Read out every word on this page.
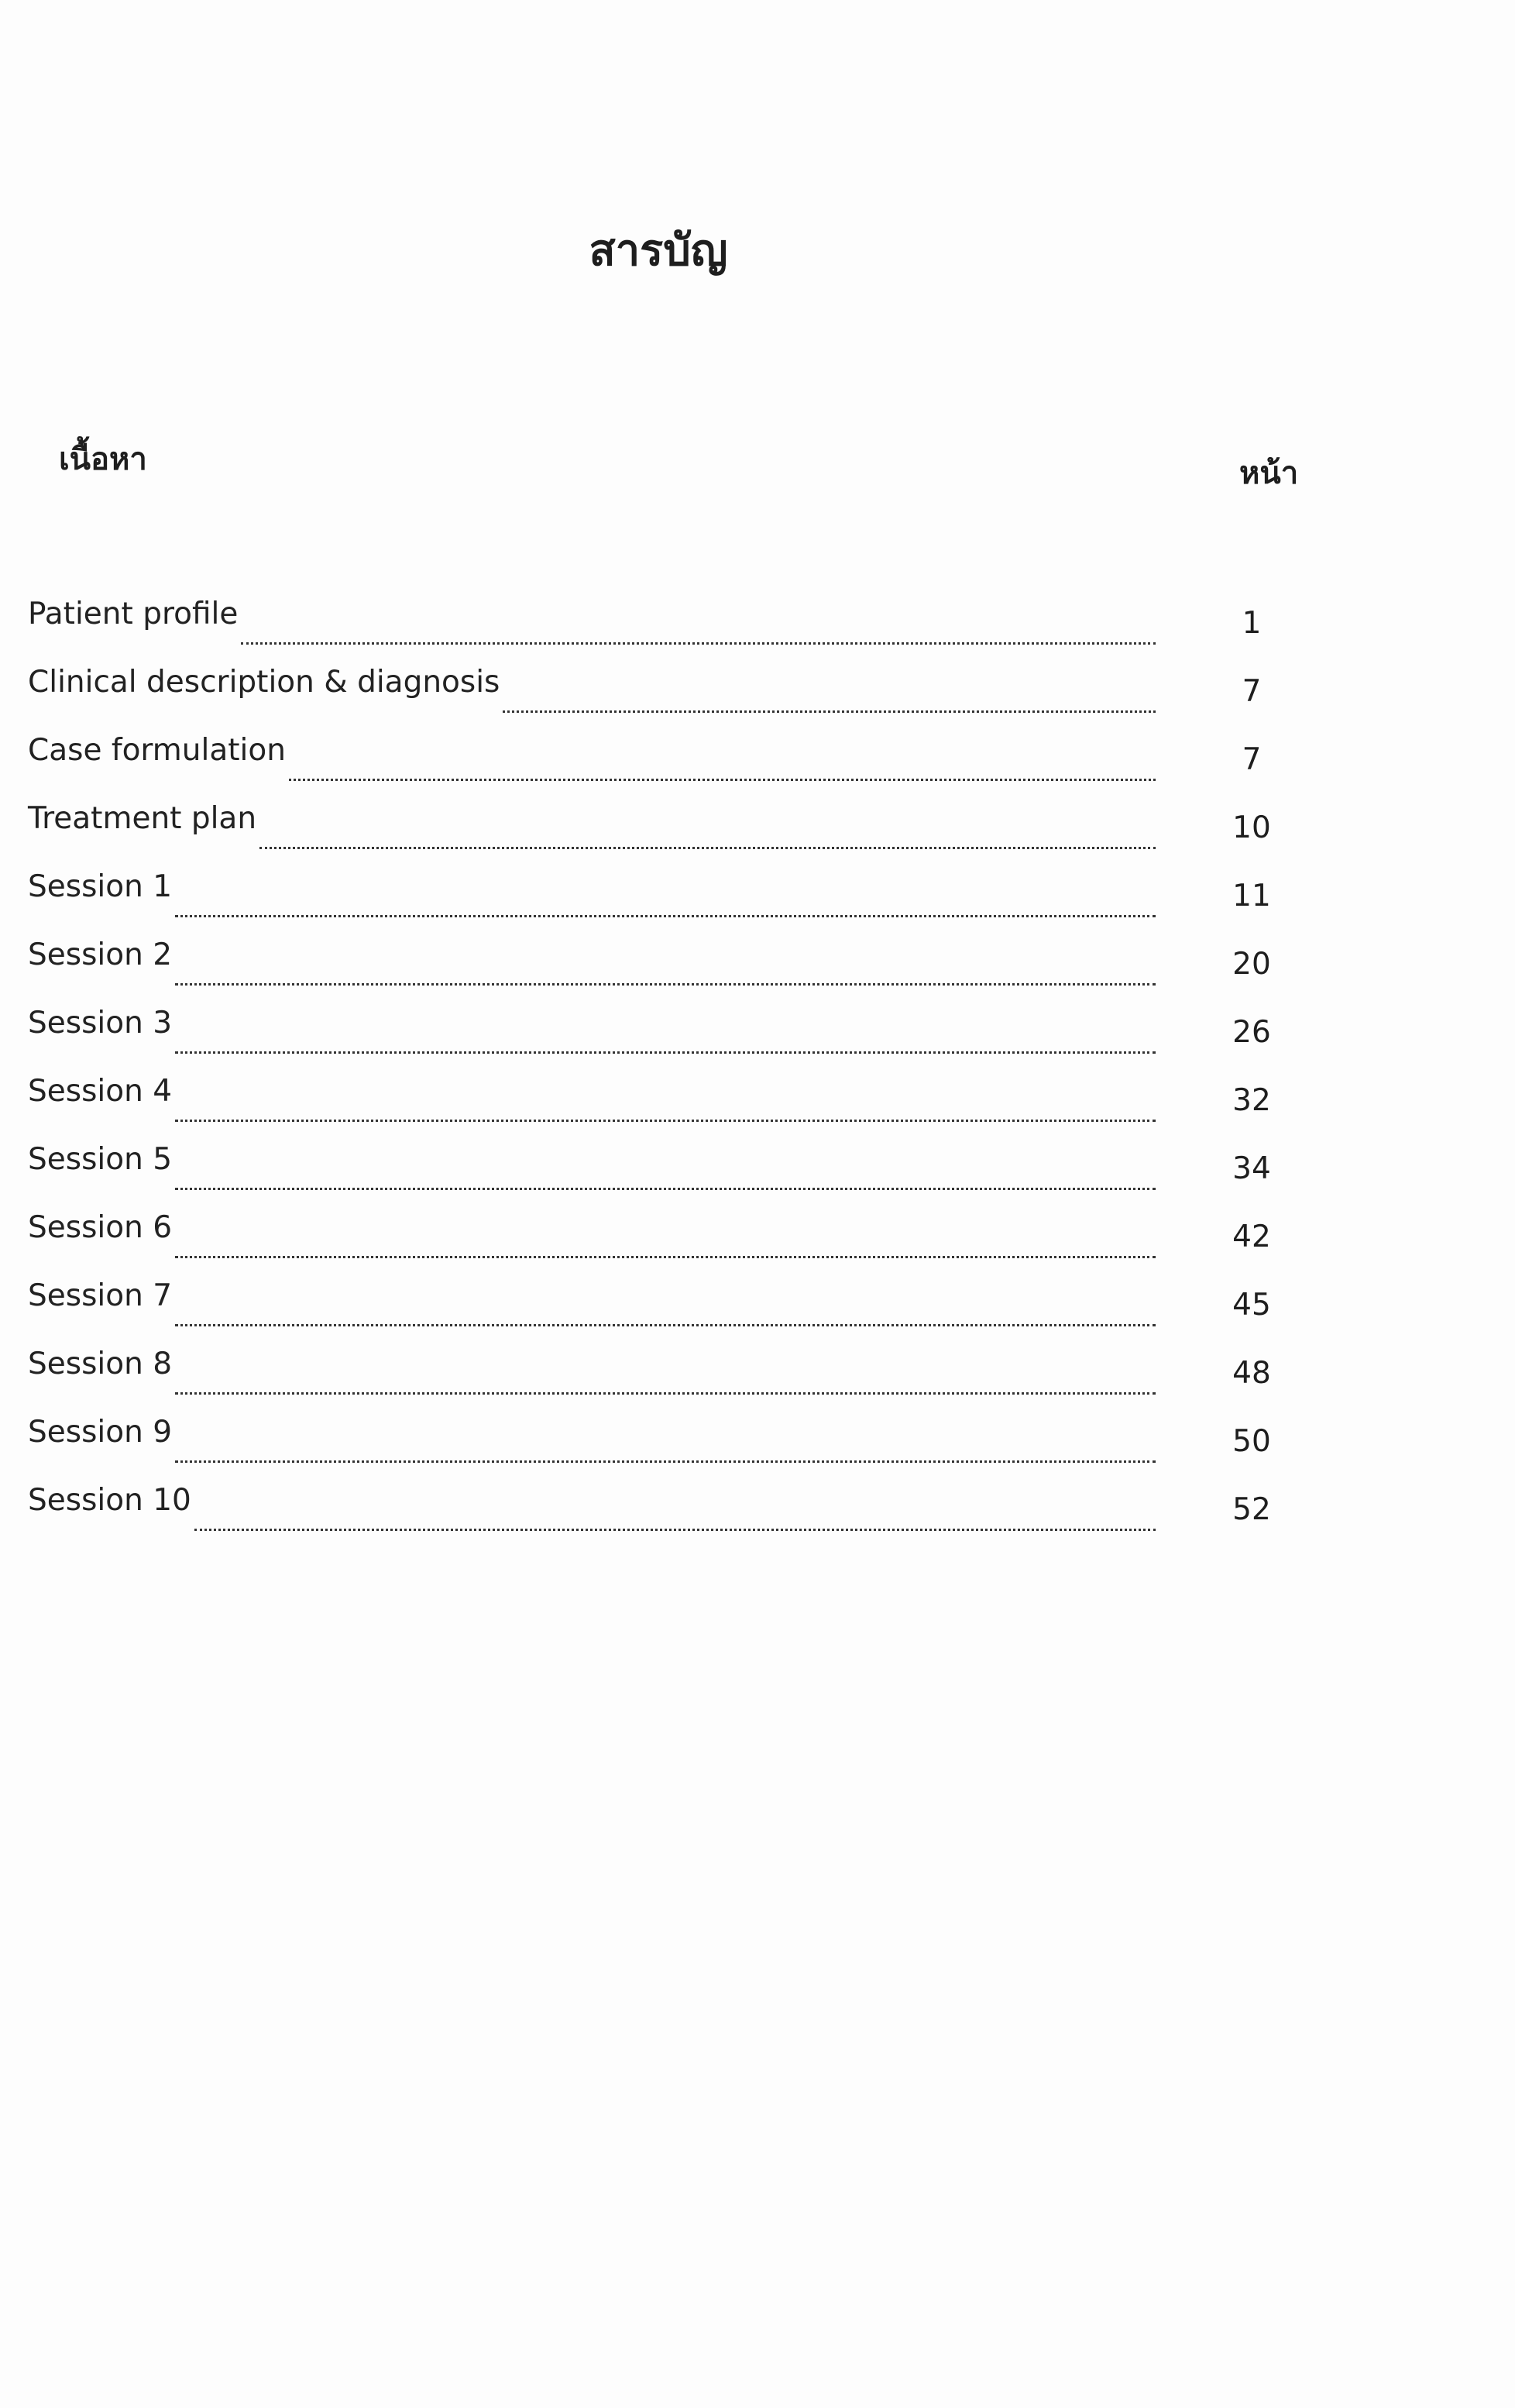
สารบัญ
เนื้อหา	หน้า
Patient profile	1
Clinical description & diagnosis	7
Case formulation	7
Treatment plan	10
Session 1	11
Session 2	20
Session 3	26
Session 4	32
Session 5	34
Session 6	42
Session 7	45
Session 8	48
Session 9	50
Session 10	52
